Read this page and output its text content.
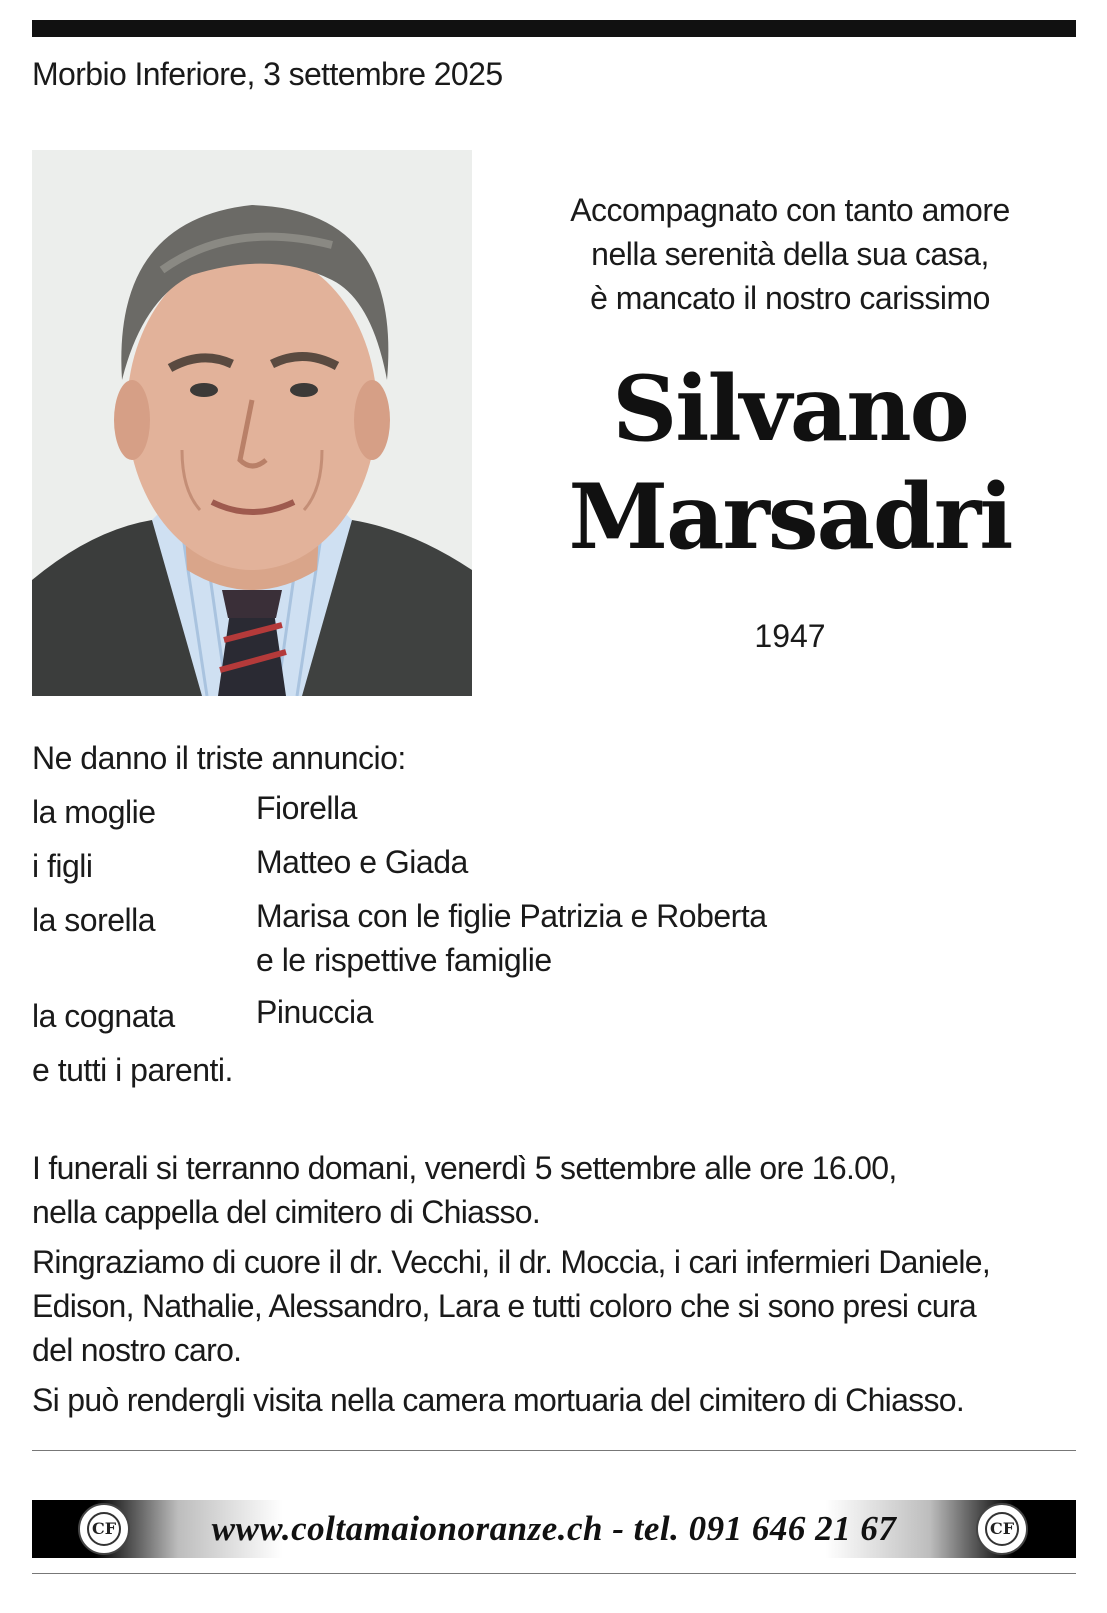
Morbio Inferiore, 3 settembre 2025
Accompagnato con tanto amore
nella serenità della sua casa,
è mancato il nostro carissimo
Silvano
Marsadri
1947
Ne danno il triste annuncio:
la moglie	Fiorella
i figli	Matteo e Giada
la sorella	Marisa con le figlie Patrizia e Roberta
e le rispettive famiglie
la cognata	Pinuccia
e tutti i parenti.
I funerali si terranno domani, venerdì 5 settembre alle ore 16.00,
nella cappella del cimitero di Chiasso.
Ringraziamo di cuore il dr. Vecchi, il dr. Moccia, i cari infermieri Daniele,
Edison, Nathalie, Alessandro, Lara e tutti coloro che si sono presi cura
del nostro caro.
Si può rendergli visita nella camera mortuaria del cimitero di Chiasso.
CF	www.coltamaionoranze.ch - tel. 091 646 21 67	CF
